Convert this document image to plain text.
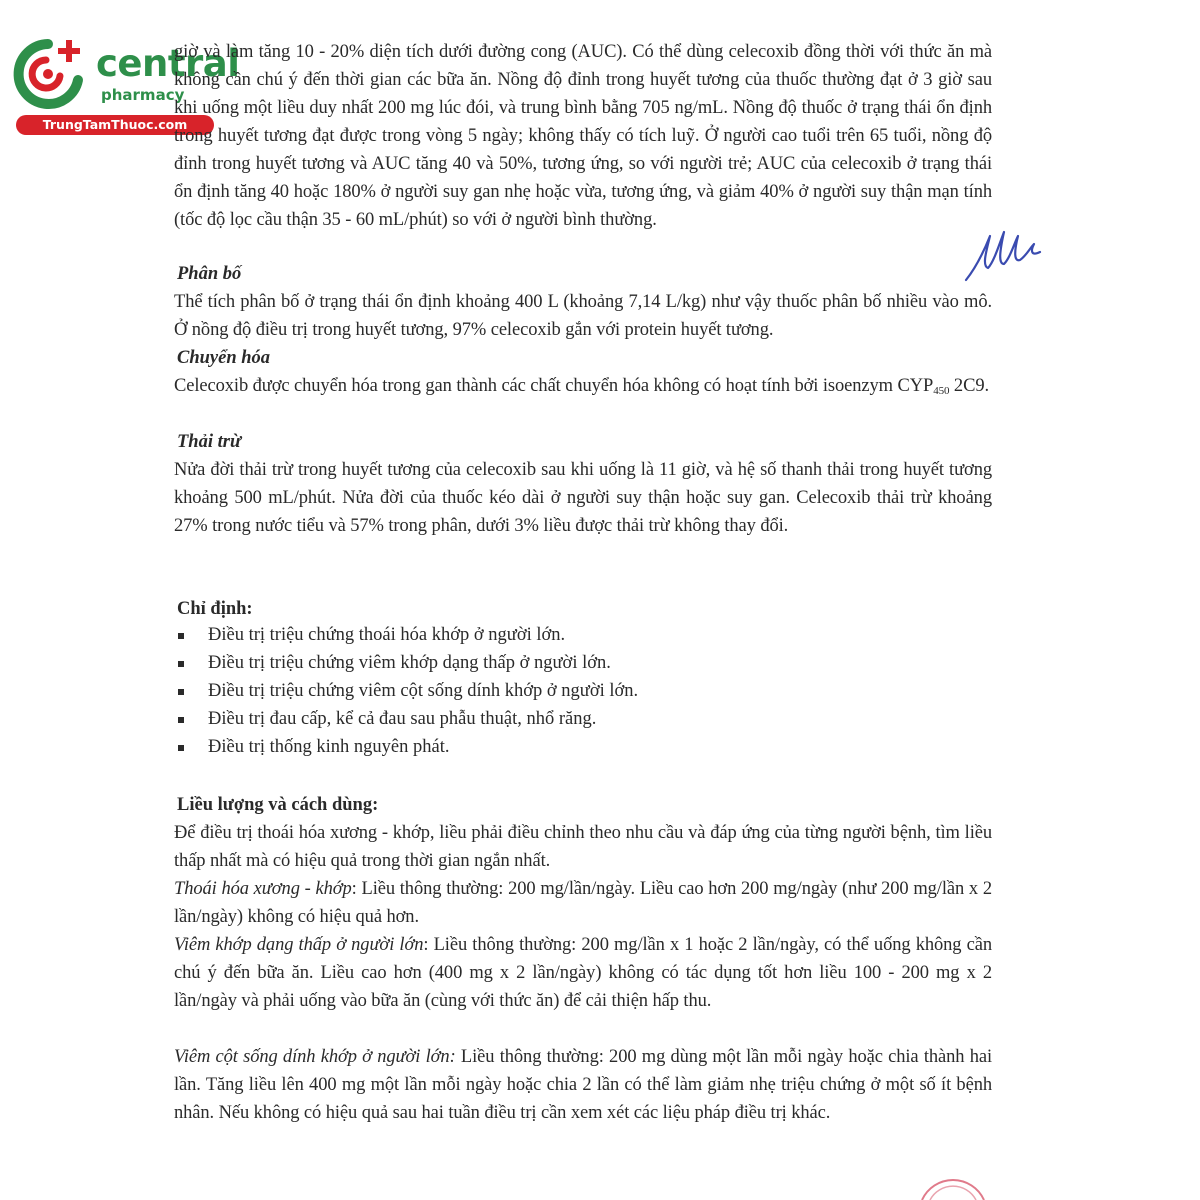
central
pharmacy
TrungTamThuoc.com
giờ và làm tăng 10 - 20% diện tích dưới đường cong (AUC). Có thể dùng celecoxib đồng thời với thức ăn mà không cần chú ý đến thời gian các bữa ăn. Nồng độ đỉnh trong huyết tương của thuốc thường đạt ở 3 giờ sau khi uống một liều duy nhất 200 mg lúc đói, và trung bình bằng 705 ng/mL. Nồng độ thuốc ở trạng thái ổn định trong huyết tương đạt được trong vòng 5 ngày; không thấy có tích luỹ. Ở người cao tuổi trên 65 tuổi, nồng độ đỉnh trong huyết tương và AUC tăng 40 và 50%, tương ứng, so với người trẻ; AUC của celecoxib ở trạng thái ổn định tăng 40 hoặc 180% ở người suy gan nhẹ hoặc vừa, tương ứng, và giảm 40% ở người suy thận mạn tính (tốc độ lọc cầu thận 35 - 60 mL/phút) so với ở người bình thường.
Phân bố
Thể tích phân bố ở trạng thái ổn định khoảng 400 L (khoảng 7,14 L/kg) như vậy thuốc phân bố nhiều vào mô. Ở nồng độ điều trị trong huyết tương, 97% celecoxib gắn với protein huyết tương.
Chuyển hóa
Celecoxib được chuyển hóa trong gan thành các chất chuyển hóa không có hoạt tính bởi isoenzym $CYP_{450}$ 2C9.
Thải trừ
Nửa đời thải trừ trong huyết tương của celecoxib sau khi uống là 11 giờ, và hệ số thanh thải trong huyết tương khoảng 500 mL/phút. Nửa đời của thuốc kéo dài ở người suy thận hoặc suy gan. Celecoxib thải trừ khoảng 27% trong nước tiểu và 57% trong phân, dưới 3% liều được thải trừ không thay đổi.
Chỉ định:
Điều trị triệu chứng thoái hóa khớp ở người lớn.
Điều trị triệu chứng viêm khớp dạng thấp ở người lớn.
Điều trị triệu chứng viêm cột sống dính khớp ở người lớn.
Điều trị đau cấp, kể cả đau sau phẫu thuật, nhổ răng.
Điều trị thống kinh nguyên phát.
Liều lượng và cách dùng:
Để điều trị thoái hóa xương - khớp, liều phải điều chỉnh theo nhu cầu và đáp ứng của từng người bệnh, tìm liều thấp nhất mà có hiệu quả trong thời gian ngắn nhất.
Thoái hóa xương - khớp: Liều thông thường: 200 mg/lần/ngày. Liều cao hơn 200 mg/ngày (như 200 mg/lần x 2 lần/ngày) không có hiệu quả hơn.
Viêm khớp dạng thấp ở người lớn: Liều thông thường: 200 mg/lần x 1 hoặc 2 lần/ngày, có thể uống không cần chú ý đến bữa ăn. Liều cao hơn (400 mg x 2 lần/ngày) không có tác dụng tốt hơn liều 100 - 200 mg x 2 lần/ngày và phải uống vào bữa ăn (cùng với thức ăn) để cải thiện hấp thu.
Viêm cột sống dính khớp ở người lớn: Liều thông thường: 200 mg dùng một lần mỗi ngày hoặc chia thành hai lần. Tăng liều lên 400 mg một lần mỗi ngày hoặc chia 2 lần có thể làm giảm nhẹ triệu chứng ở một số ít bệnh nhân. Nếu không có hiệu quả sau hai tuần điều trị cần xem xét các liệu pháp điều trị khác.
